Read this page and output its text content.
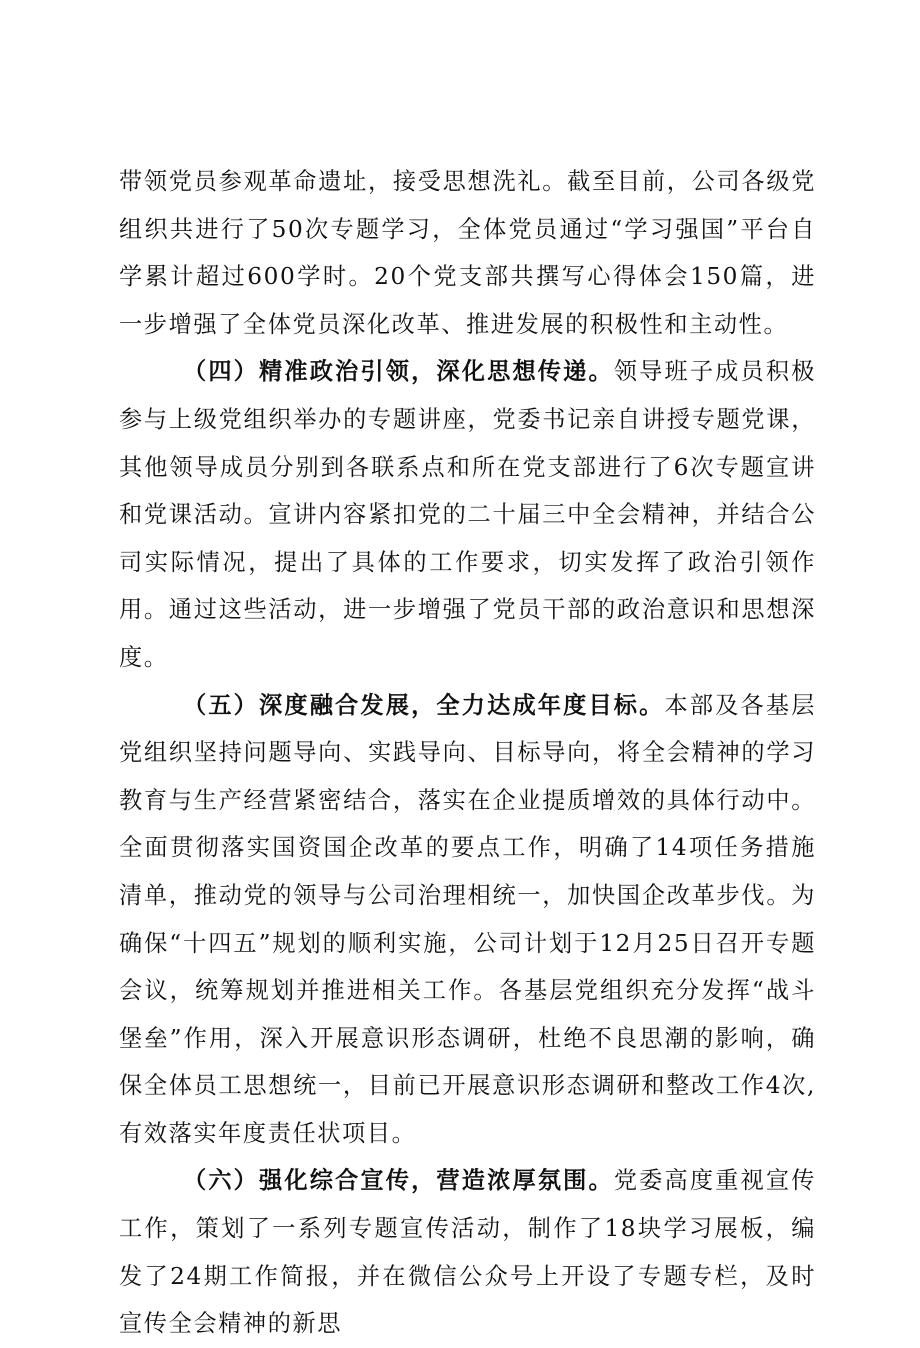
带领党员参观革命遗址，接受思想洗礼。截至目前，公司各级党组织共进行了50次专题学习，全体党员通过“学习强国”平台自学累计超过600学时。20个党支部共撰写心得体会150篇，进一步增强了全体党员深化改革、推进发展的积极性和主动性。

（四）精准政治引领，深化思想传递。领导班子成员积极参与上级党组织举办的专题讲座，党委书记亲自讲授专题党课，其他领导成员分别到各联系点和所在党支部进行了6次专题宣讲和党课活动。宣讲内容紧扣党的二十届三中全会精神，并结合公司实际情况，提出了具体的工作要求，切实发挥了政治引领作用。通过这些活动，进一步增强了党员干部的政治意识和思想深度。

（五）深度融合发展，全力达成年度目标。本部及各基层党组织坚持问题导向、实践导向、目标导向，将全会精神的学习教育与生产经营紧密结合，落实在企业提质增效的具体行动中。全面贯彻落实国资国企改革的要点工作，明确了14项任务措施清单，推动党的领导与公司治理相统一，加快国企改革步伐。为确保“十四五”规划的顺利实施，公司计划于12月25日召开专题会议，统筹规划并推进相关工作。各基层党组织充分发挥“战斗堡垒”作用，深入开展意识形态调研，杜绝不良思潮的影响，确保全体员工思想统一，目前已开展意识形态调研和整改工作4次,有效落实年度责任状项目。

（六）强化综合宣传，营造浓厚氛围。党委高度重视宣传工作，策划了一系列专题宣传活动，制作了18块学习展板，编发了24期工作简报，并在微信公众号上开设了专题专栏，及时宣传全会精神的新思
